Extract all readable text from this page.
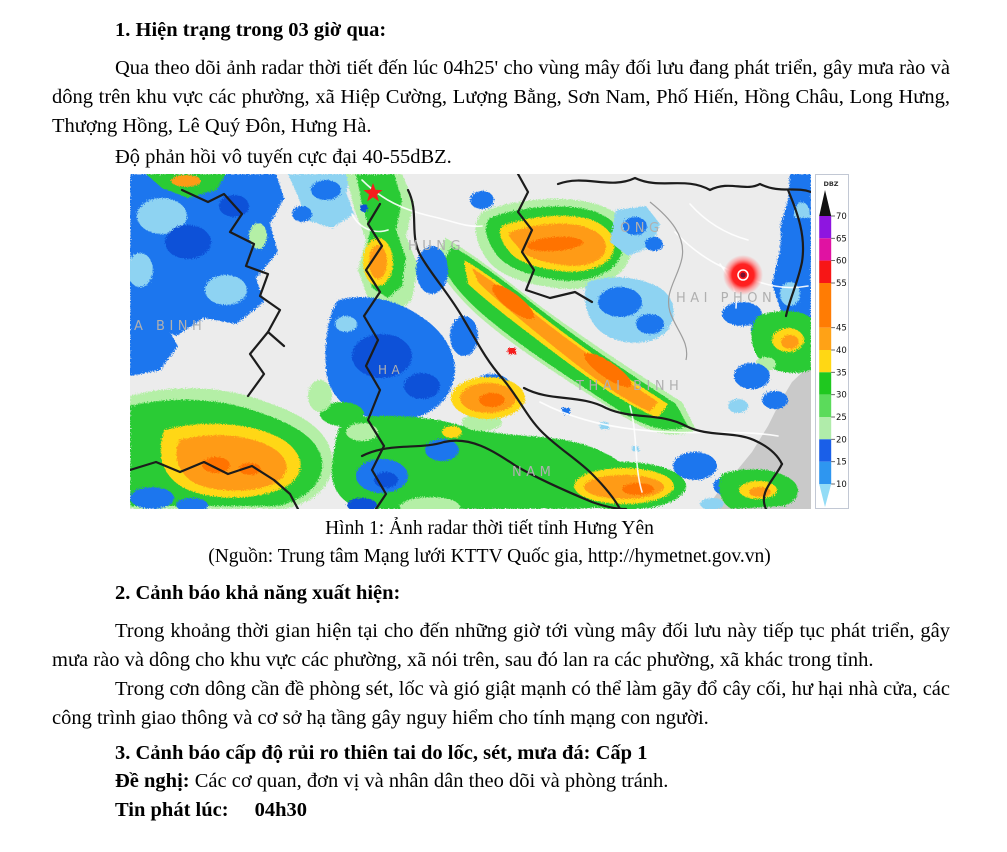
1. Hiện trạng trong 03 giờ qua:

Qua theo dõi ảnh radar thời tiết đến lúc 04h25' cho vùng mây đối lưu đang phát triển, gây mưa rào và dông trên khu vực các phường, xã Hiệp Cường, Lượng Bằng, Sơn Nam, Phố Hiến, Hồng Châu, Long Hưng, Thượng Hồng, Lê Quý Đôn, Hưng Hà.

Độ phản hồi vô tuyến cực đại 40-55dBZ.

A BINH
HUNG
ONG
HAI PHON
HA
THAI BINH
NAM
DBZ
70
65
60
55
45
40
35
30
25
20
15
10
Hình 1: Ảnh radar thời tiết tỉnh Hưng Yên
(Nguồn: Trung tâm Mạng lưới KTTV Quốc gia, http://hymetnet.gov.vn)
2. Cảnh báo khả năng xuất hiện:

Trong khoảng thời gian hiện tại cho đến những giờ tới vùng mây đối lưu này tiếp tục phát triển, gây mưa rào và dông cho khu vực các phường, xã nói trên, sau đó lan ra các phường, xã khác trong tỉnh.

Trong cơn dông cần đề phòng sét, lốc và gió giật mạnh có thể làm gãy đổ cây cối, hư hại nhà cửa, các công trình giao thông và cơ sở hạ tầng gây nguy hiểm cho tính mạng con người.

3. Cảnh báo cấp độ rủi ro thiên tai do lốc, sét, mưa đá: Cấp 1

Đề nghị: Các cơ quan, đơn vị và nhân dân theo dõi và phòng tránh.

Tin phát lúc: 04h30
